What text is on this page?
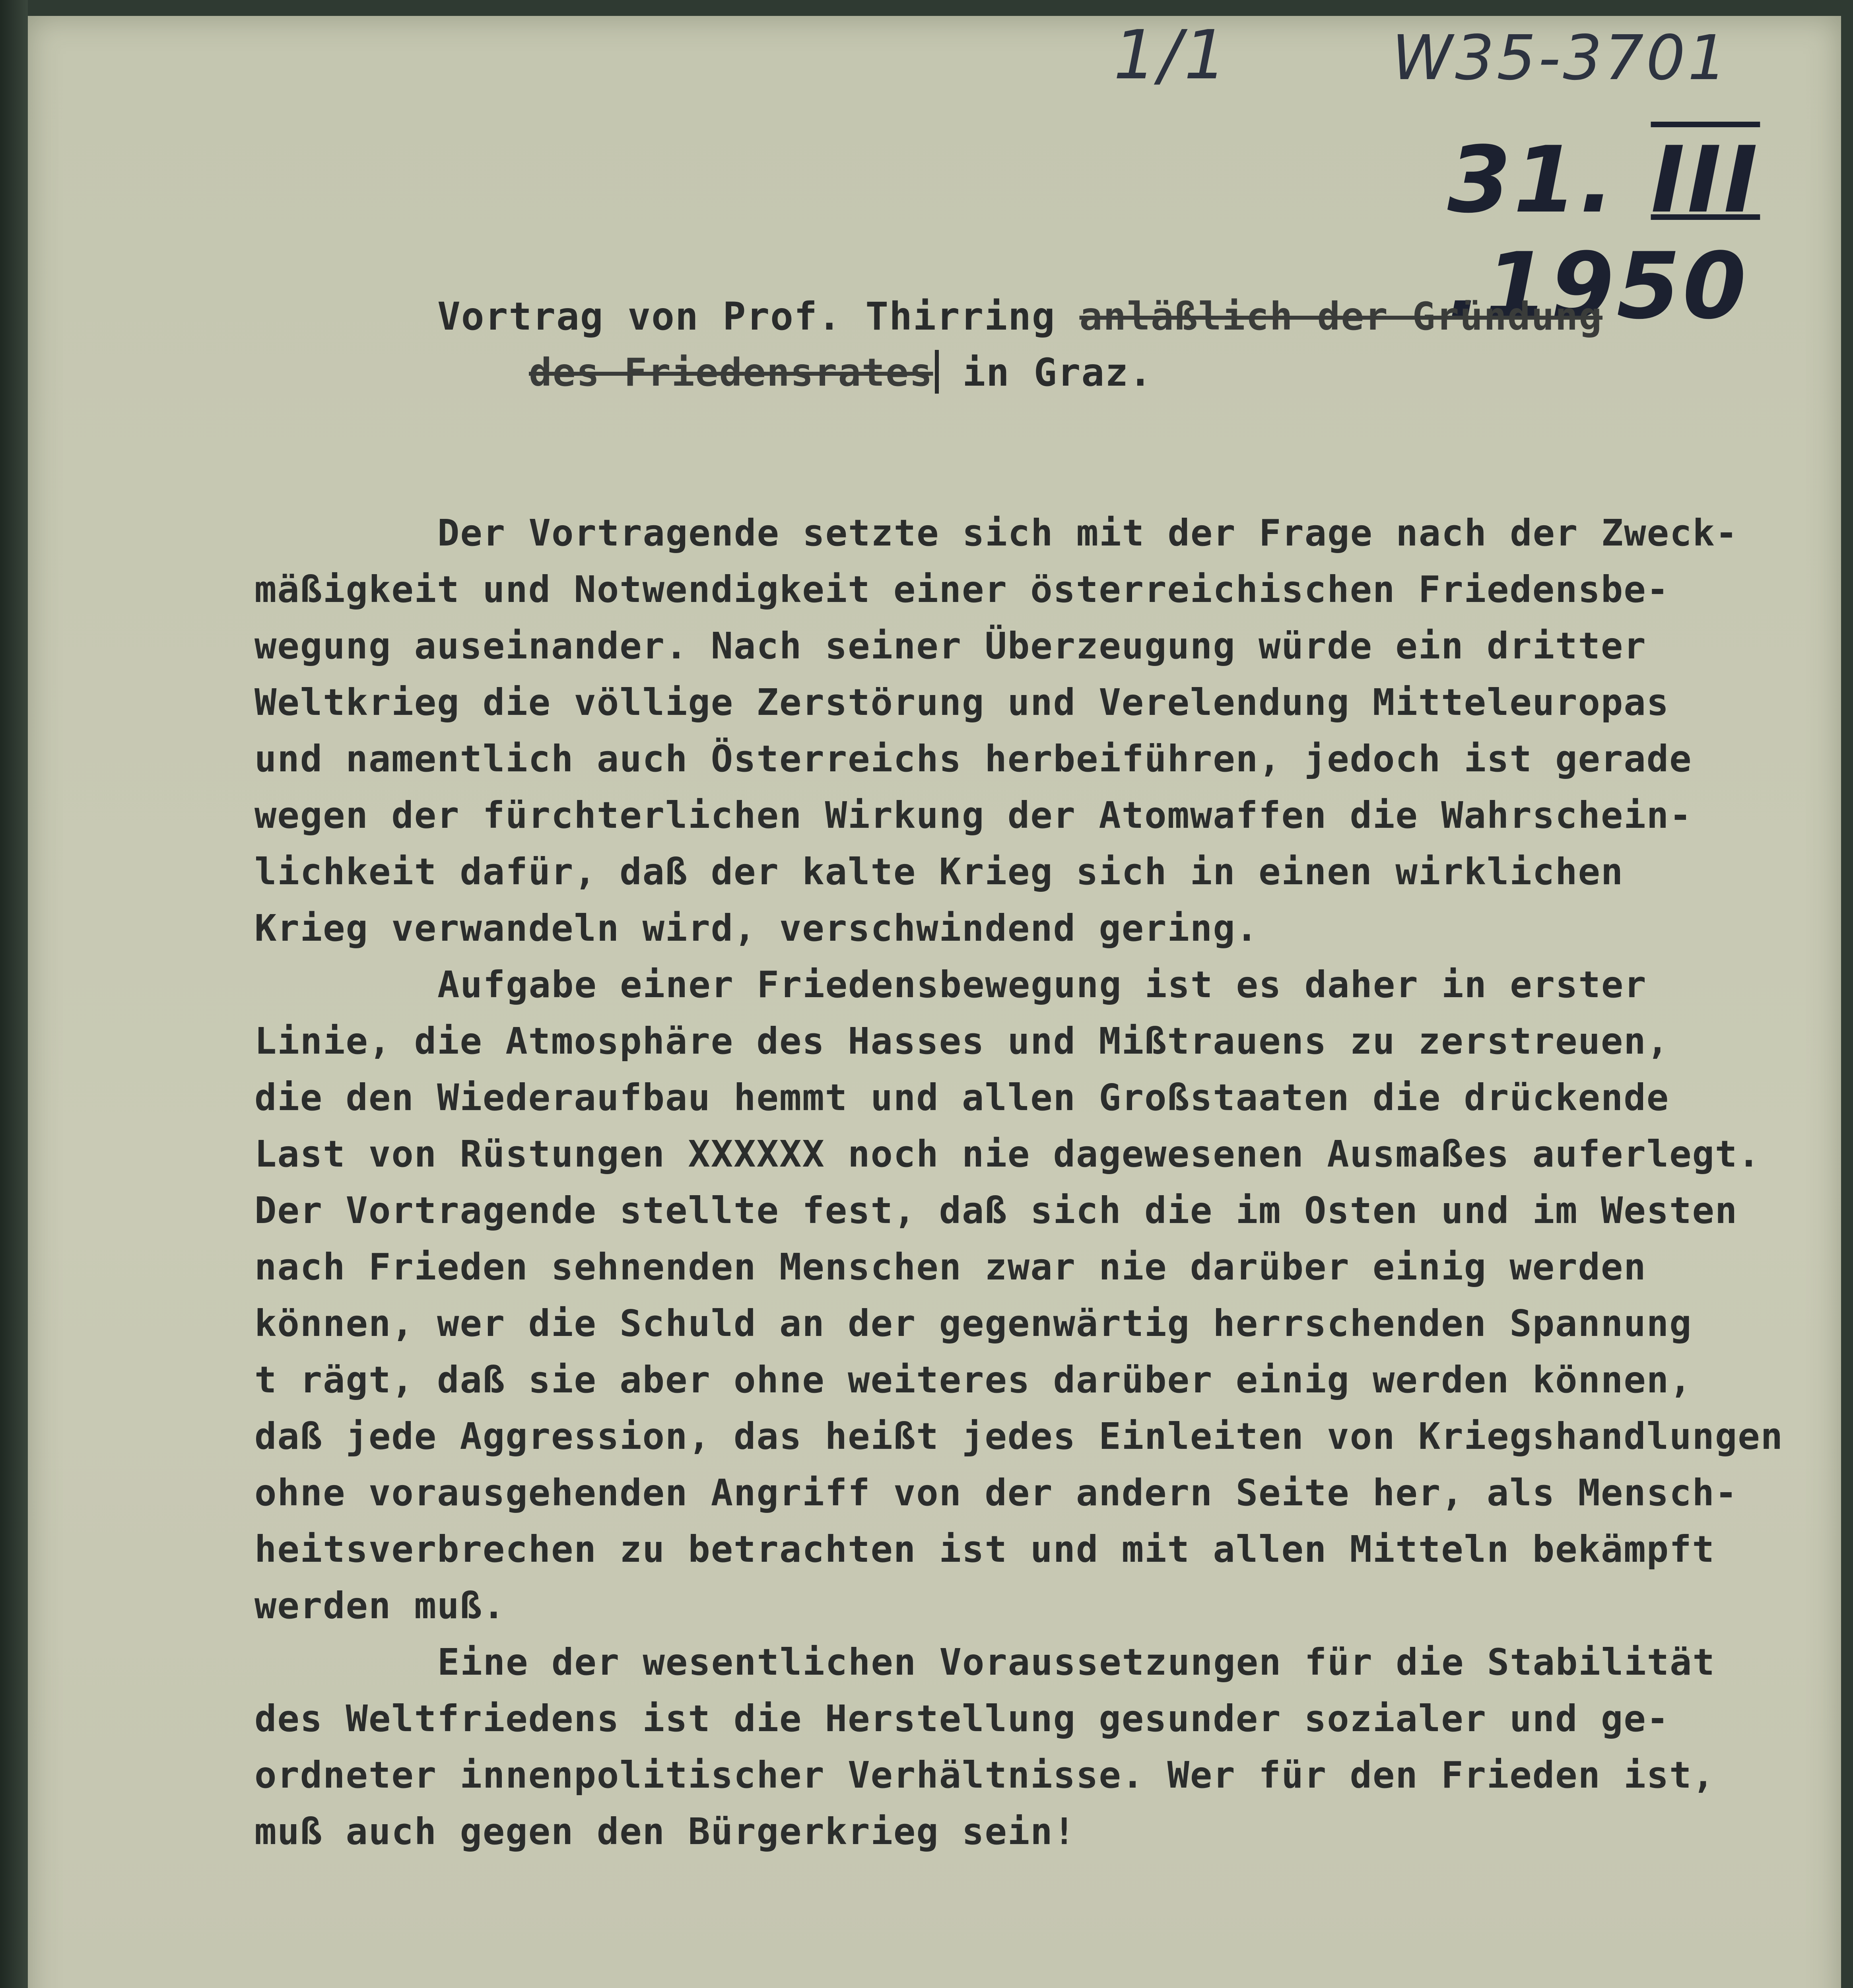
1/1	W35-3701
31. III .1950
Vortrag von Prof. Thirring anläßlich der Gründung
des Friedensrates in Graz.
Der Vortragende setzte sich mit der Frage nach der Zweck-
mäßigkeit und Notwendigkeit einer österreichischen Friedensbe-
wegung auseinander. Nach seiner Überzeugung würde ein dritter
Weltkrieg die völlige Zerstörung und Verelendung Mitteleuropas
und namentlich auch Österreichs herbeiführen, jedoch ist gerade
wegen der fürchterlichen Wirkung der Atomwaffen die Wahrschein-
lichkeit dafür, daß der kalte Krieg sich in einen wirklichen
Krieg verwandeln wird, verschwindend gering.
Aufgabe einer Friedensbewegung ist es daher in erster
Linie, die Atmosphäre des Hasses und Mißtrauens zu zerstreuen,
die den Wiederaufbau hemmt und allen Großstaaten die drückende
Last von Rüstungen XXXXXX noch nie dagewesenen Ausmaßes auferlegt.
Der Vortragende stellte fest, daß sich die im Osten und im Westen
nach Frieden sehnenden Menschen zwar nie darüber einig werden
können, wer die Schuld an der gegenwärtig herrschenden Spannung
t rägt, daß sie aber ohne weiteres darüber einig werden können,
daß jede Aggression, das heißt jedes Einleiten von Kriegshandlungen
ohne vorausgehenden Angriff von der andern Seite her, als Mensch-
heitsverbrechen zu betrachten ist und mit allen Mitteln bekämpft
werden muß.
Eine der wesentlichen Voraussetzungen für die Stabilität
des Weltfriedens ist die Herstellung gesunder sozialer und ge-
ordneter innenpolitischer Verhältnisse. Wer für den Frieden ist,
muß auch gegen den Bürgerkrieg sein!
